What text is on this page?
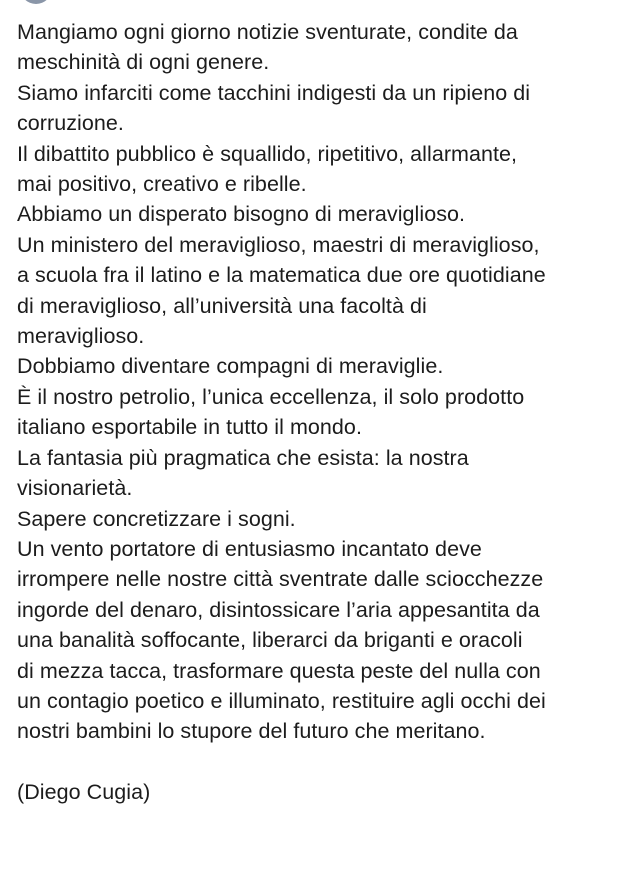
Mangiamo ogni giorno notizie sventurate, condite da
meschinità di ogni genere.
Siamo infarciti come tacchini indigesti da un ripieno di
corruzione.
Il dibattito pubblico è squallido, ripetitivo, allarmante,
mai positivo, creativo e ribelle.
Abbiamo un disperato bisogno di meraviglioso.
Un ministero del meraviglioso, maestri di meraviglioso,
a scuola fra il latino e la matematica due ore quotidiane
di meraviglioso, all’università una facoltà di
meraviglioso.
Dobbiamo diventare compagni di meraviglie.
È il nostro petrolio, l’unica eccellenza, il solo prodotto
italiano esportabile in tutto il mondo.
La fantasia più pragmatica che esista: la nostra
visionarietà.
Sapere concretizzare i sogni.
Un vento portatore di entusiasmo incantato deve
irrompere nelle nostre città sventrate dalle sciocchezze
ingorde del denaro, disintossicare l’aria appesantita da
una banalità soffocante, liberarci da briganti e oracoli
di mezza tacca, trasformare questa peste del nulla con
un contagio poetico e illuminato, restituire agli occhi dei
nostri bambini lo stupore del futuro che meritano.
(Diego Cugia)
